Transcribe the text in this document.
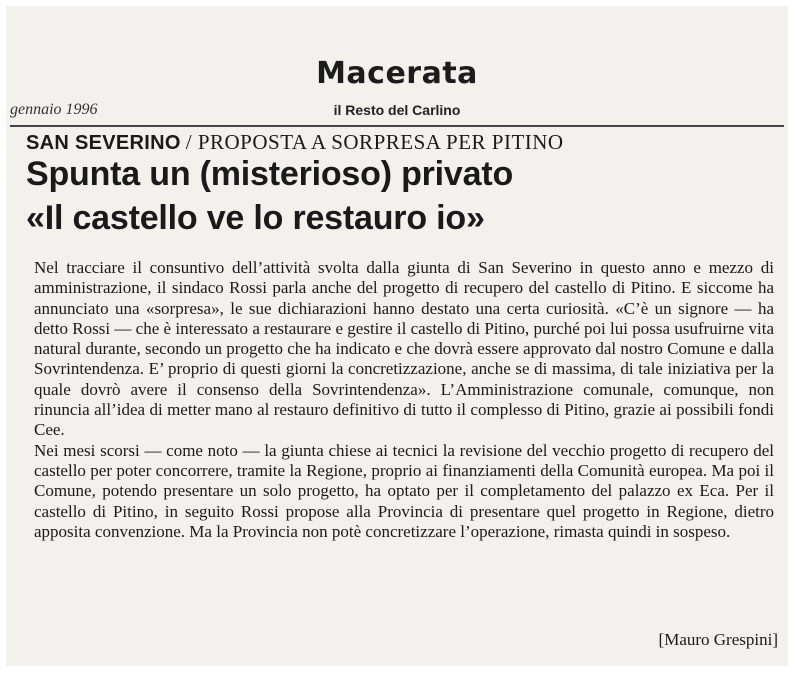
Macerata
gennaio 1996	il Resto del Carlino
SAN SEVERINO / PROPOSTA A SORPRESA PER PITINO
Spunta un (misterioso) privato
«Il castello ve lo restauro io»

Nel tracciare il consuntivo dell’attività svolta dalla giunta di San Severino in questo anno e mezzo di amministrazione, il sindaco Rossi parla anche del progetto di recupero del castello di Pitino. E siccome ha annunciato una «sorpresa», le sue dichiarazioni hanno destato una certa curiosità. «C’è un signore — ha detto Rossi — che è interessato a restaurare e gestire il castello di Pitino, purché poi lui possa usufruirne vita natural durante, secondo un progetto che ha indicato e che dovrà essere approvato dal nostro Comune e dalla Sovrintendenza. E’ proprio di questi giorni la concretizzazione, anche se di massima, di tale iniziativa per la quale dovrò avere il consenso della Sovrintendenza». L’Amministrazione comunale, comunque, non rinuncia all’idea di metter mano al restauro definitivo di tutto il complesso di Pitino, grazie ai possibili fondi Cee.

Nei mesi scorsi — come noto — la giunta chiese ai tecnici la revisione del vecchio progetto di recupero del castello per poter concorrere, tramite la Regione, proprio ai finanziamenti della Comunità europea. Ma poi il Comune, potendo presentare un solo progetto, ha optato per il completamento del palazzo ex Eca. Per il castello di Pitino, in seguito Rossi propose alla Provincia di presentare quel progetto in Regione, dietro apposita convenzione. Ma la Provincia non potè concretizzare l’operazione, rimasta quindi in sospeso.

[Mauro Grespini]
